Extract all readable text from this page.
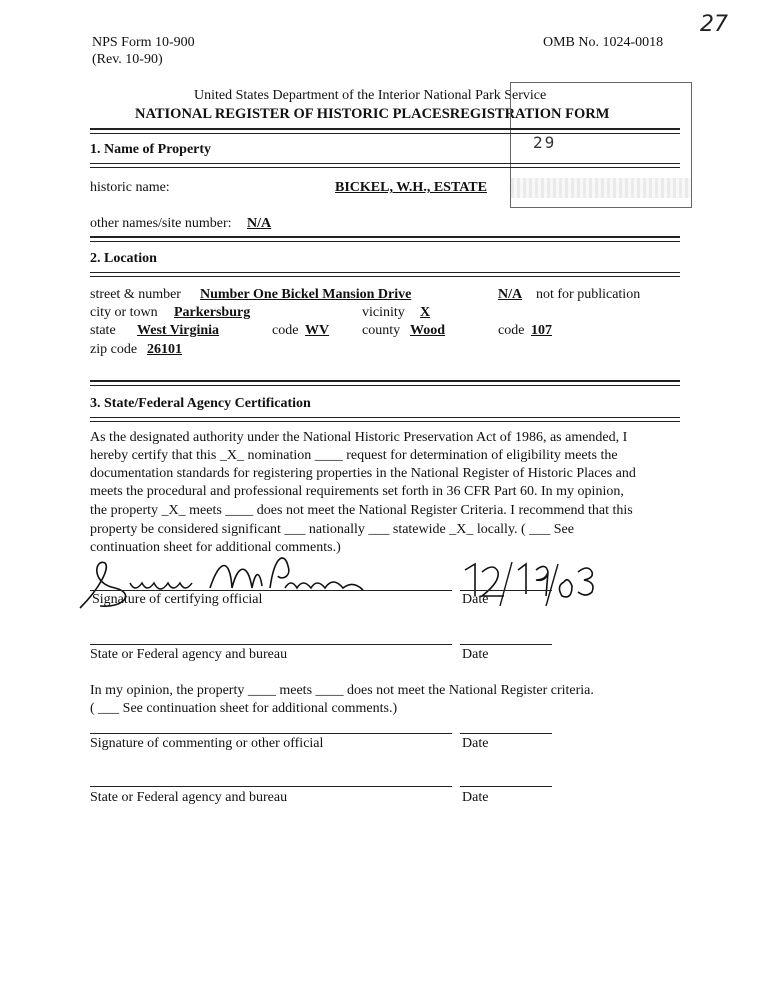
NPS Form 10-900
(Rev. 10-90)
OMB No. 1024-0018
27
United States Department of the Interior National Park Service
NATIONAL REGISTER OF HISTORIC PLACESREGISTRATION FORM
29
1. Name of Property
historic name:	BICKEL, W.H., ESTATE
other names/site number: N/A
2. Location
street & number Number One Bickel Mansion Drive	N/A not for publication
city or town Parkersburg	vicinity X
state West Virginia	code WV county Wood	code 107
zip code 26101
3. State/Federal Agency Certification
As the designated authority under the National Historic Preservation Act of 1986, as amended, I
hereby certify that this _X_ nomination ____ request for determination of eligibility meets the
documentation standards for registering properties in the National Register of Historic Places and
meets the procedural and professional requirements set forth in 36 CFR Part 60. In my opinion,
the property _X_ meets ____ does not meet the National Register Criteria. I recommend that this
property be considered significant ___ nationally ___ statewide _X_ locally. ( ___ See
continuation sheet for additional comments.)
Signature of certifying official	Date
State or Federal agency and bureau	Date
In my opinion, the property ____ meets ____ does not meet the National Register criteria.
( ___ See continuation sheet for additional comments.)
Signature of commenting or other official	Date
State or Federal agency and bureau	Date
